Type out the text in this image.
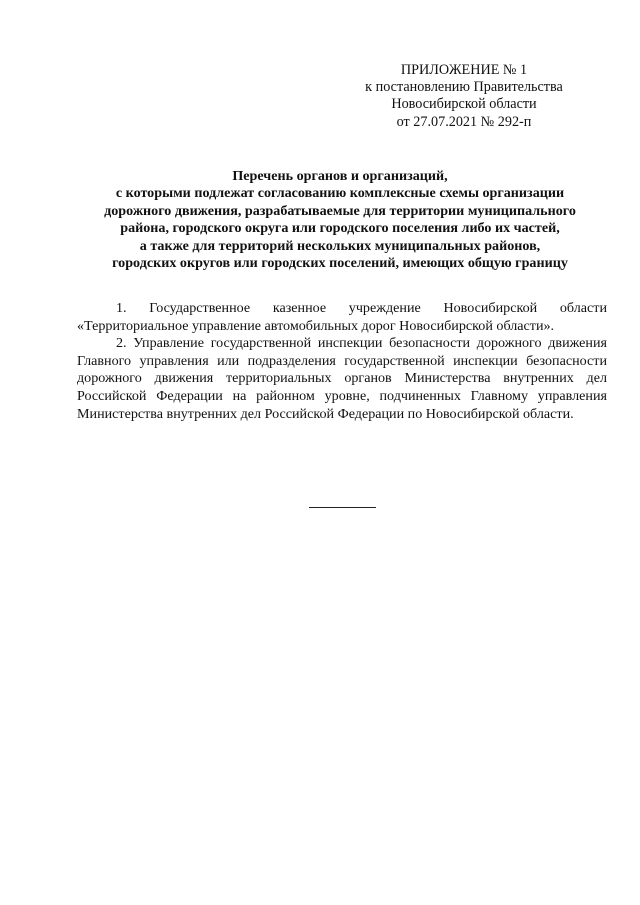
ПРИЛОЖЕНИЕ № 1
к постановлению Правительства
Новосибирской области
от 27.07.2021 № 292-п
Перечень органов и организаций,
с которыми подлежат согласованию комплексные схемы организации
дорожного движения, разрабатываемые для территории муниципального
района, городского округа или городского поселения либо их частей,
а также для территорий нескольких муниципальных районов,
городских округов или городских поселений, имеющих общую границу

1. Государственное казенное учреждение Новосибирской области «Территориальное управление автомобильных дорог Новосибирской области».

2. Управление государственной инспекции безопасности дорожного движения Главного управления или подразделения государственной инспекции безопасности дорожного движения территориальных органов Министерства внутренних дел Российской Федерации на районном уровне, подчиненных Главному управления Министерства внутренних дел Российской Федерации по Новосибирской области.
